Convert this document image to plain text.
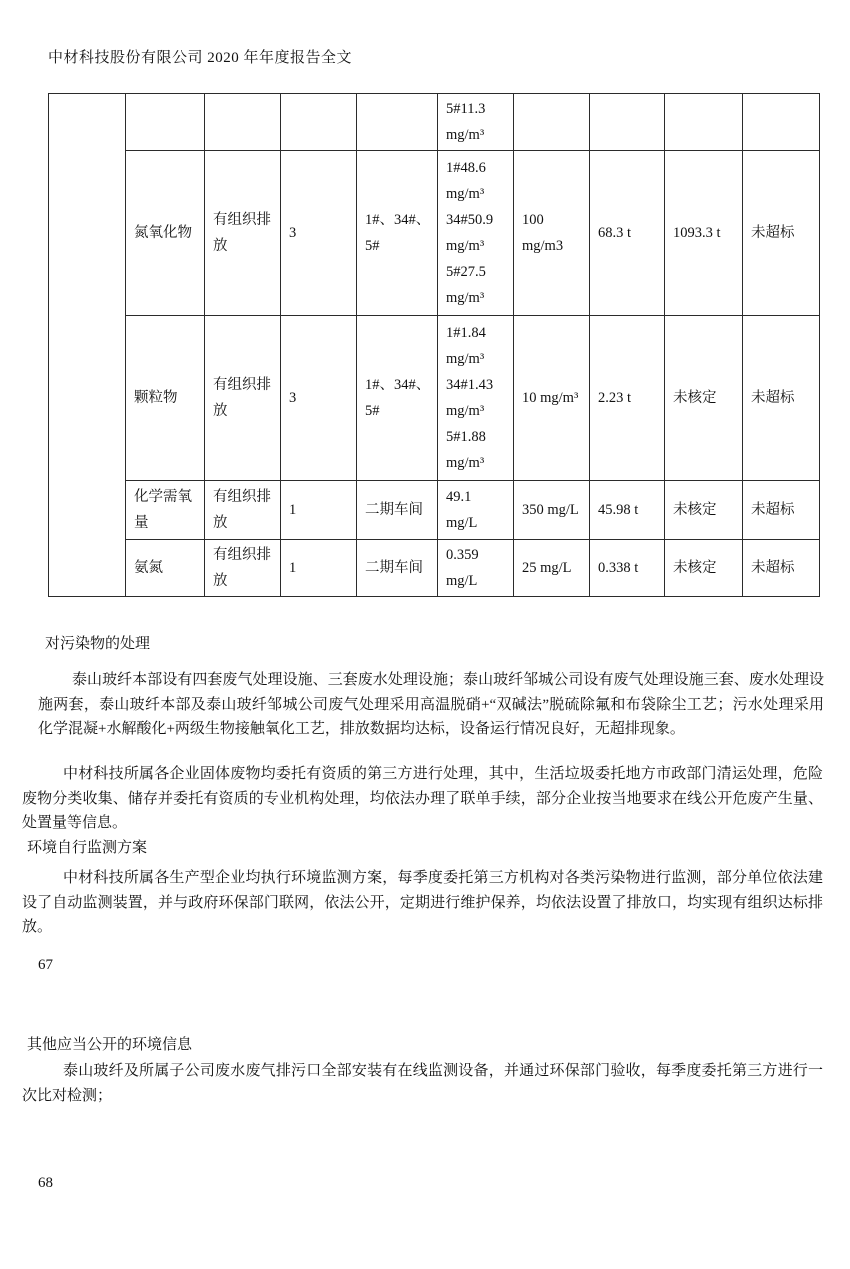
中材科技股份有限公司 2020 年年度报告全文
					5#11.3
mg/m³				
氮氧化物	有组织排
放	3	1#、34#、
5#	1#48.6
mg/m³
34#50.9
mg/m³
5#27.5
mg/m³	100
mg/m3	68.3 t	1093.3 t	未超标
颗粒物	有组织排
放	3	1#、34#、
5#	1#1.84
mg/m³
34#1.43
mg/m³
5#1.88
mg/m³	10 mg/m³	2.23 t	未核定	未超标
	化学需氧
量	有组织排
放	1	二期车间	49.1
mg/L	350 mg/L	45.98 t	未核定	未超标
	氨氮	有组织排
放	1	二期车间	0.359
mg/L	25 mg/L	0.338 t	未核定	未超标
对污染物的处理
泰山玻纤本部设有四套废气处理设施、三套废水处理设施；泰山玻纤邹城公司设有废气处理设施三套、废水处理设施两套，泰山玻纤本部及泰山玻纤邹城公司废气处理采用高温脱硝+“双碱法”脱硫除氟和布袋除尘工艺；污水处理采用化学混凝+水解酸化+两级生物接触氧化工艺，排放数据均达标，设备运行情况良好，无超排现象。
中材科技所属各企业固体废物均委托有资质的第三方进行处理，其中，生活垃圾委托地方市政部门清运处理，危险废物分类收集、储存并委托有资质的专业机构处理，均依法办理了联单手续，部分企业按当地要求在线公开危废产生量、处置量等信息。
环境自行监测方案
中材科技所属各生产型企业均执行环境监测方案，每季度委托第三方机构对各类污染物进行监测，部分单位依法建设了自动监测装置，并与政府环保部门联网，依法公开，定期进行维护保养，均依法设置了排放口，均实现有组织达标排放。
67
其他应当公开的环境信息
泰山玻纤及所属子公司废水废气排污口全部安装有在线监测设备，并通过环保部门验收，每季度委托第三方进行一次比对检测；
68
